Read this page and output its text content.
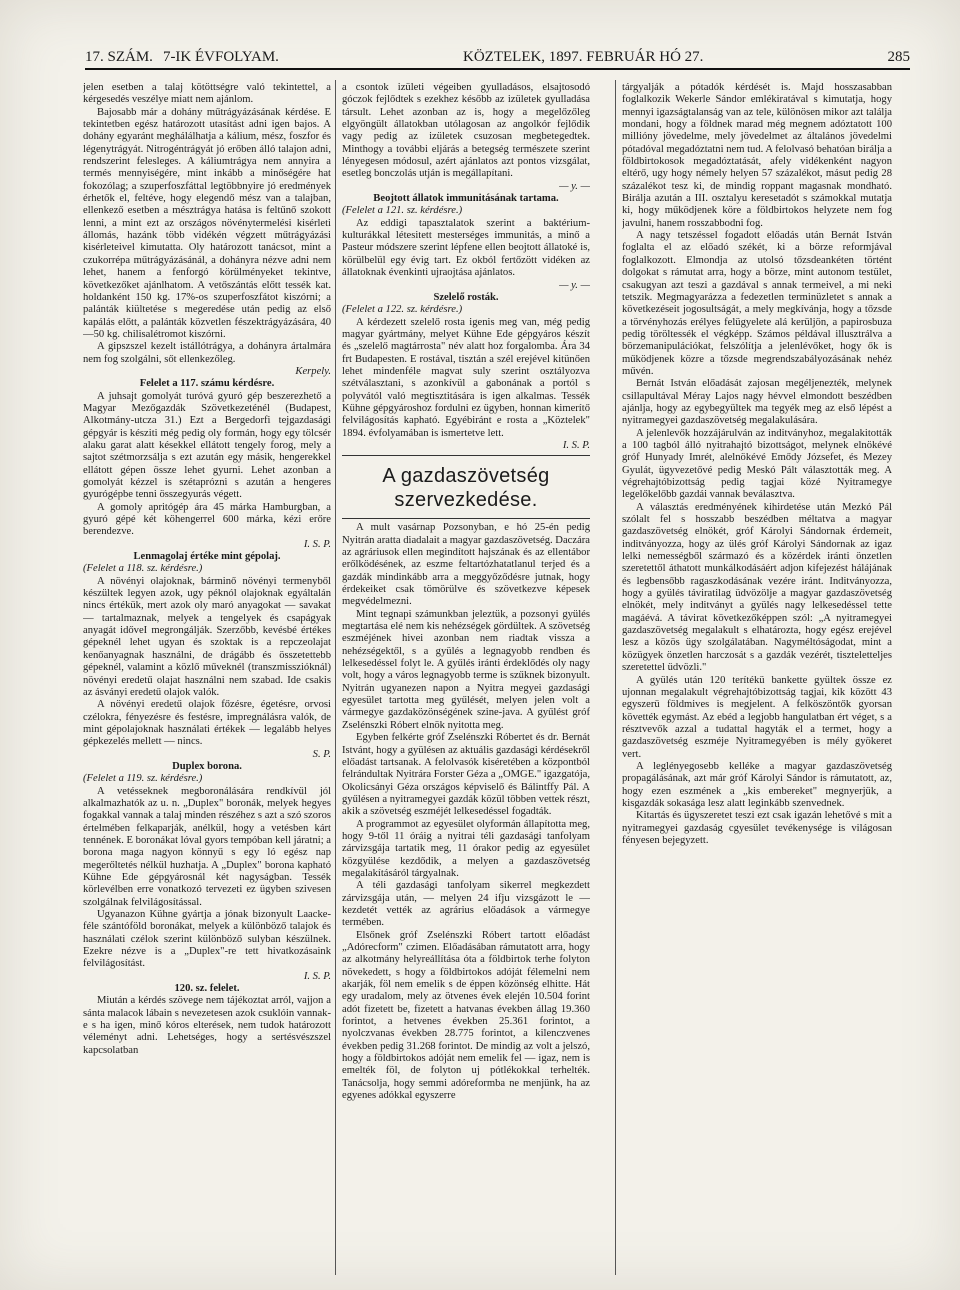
17. SZÁM. 7-IK ÉVFOLYAM.	KÖZTELEK, 1897. FEBRUÁR HÓ 27.	285

jelen esetben a talaj kötöttségre való tekintettel, a kérgesedés veszélye miatt nem ajánlom.

Bajosabb már a dohány műtrágyázásának kérdése. E tekintetben egész határozott utasítást adni igen bajos. A dohány egyaránt meghálálhatja a kálium, mész, foszfor és légenytrágyát. Nitrogéntrágyát jó erőben álló talajon adni, rendszerint felesleges. A káliumtrágya nem annyira a termés mennyiségére, mint inkább a minőségére hat fokozólag; a szuperfoszfáttal legtöbbnyire jó eredmények érhetők el, feltéve, hogy elegendő mész van a talajban, ellenkező esetben a mésztrágya hatása is feltűnő szokott lenni, a mint ezt az országos növénytermelési kisérleti állomás, hazánk több vidékén végzett műtrágyázási kisérleteivel kimutatta. Oly határozott tanácsot, mint a czukorrépa műtrágyázásánál, a dohányra nézve adni nem lehet, hanem a fenforgó körülményeket tekintve, következőket ajánlhatom. A vetőszántás előtt tessék kat. holdanként 150 kg. 17%-os szuperfoszfátot kiszórni; a palánták kiültetése s megeredése után pedig az első kapálás előtt, a palánták közvetlen fészektrágyázására, 40—50 kg. chilisalétromot kiszórni.

A gipszszel kezelt istállótrágya, a dohányra ártalmára nem fog szolgálni, sőt ellenkezőleg.

Kerpely.

Felelet a 117. számu kérdésre.

A juhsajt gomolyát turóvá gyuró gép beszerezhető a Magyar Mezőgazdák Szövetkezeténél (Budapest, Alkotmány-utcza 31.) Ezt a Bergedorfi tejgazdasági gépgyár is késziti még pedig oly formán, hogy egy tölcsér alaku garat alatt késekkel ellátott tengely forog, mely a sajtot szétmorzsálja s ezt azután egy másik, hengerekkel ellátott gépen össze lehet gyurni. Lehet azonban a gomolyát kézzel is szétaprózni s azután a hengeres gyurógépbe tenni összegyurás végett.

A gomoly apritógép ára 45 márka Hamburgban, a gyuró gépé két köhengerrel 600 márka, kézi erőre berendezve.

I. S. P.

Lenmagolaj értéke mint gépolaj.

(Felelet a 118. sz. kérdésre.)

A növényi olajoknak, bárminő növényi termenyből készültek legyen azok, ugy péknól olajoknak egyáltalán nincs értékük, mert azok oly maró anyagokat — savakat — tartalmaznak, melyek a tengelyek és csapágyak anyagát időveI megrongálják. Szerzőbb, kevésbé értékes gépeknél lehet ugyan és szoktak is a repczeolajat kenőanyagnak használni, de drágább és összetettebb gépeknél, valamint a közlő műveknél (transzmisszióknál) növényi eredetű olajat használni nem szabad. Ide csakis az ásványi eredetű olajok valók.

A növényi eredetű olajok főzésre, égetésre, orvosi czélokra, fényezésre és festésre, impregnálásra valók, de mint gépolajoknak használati értékek — legalább helyes gépkezelés mellett — nincs.

S. P.

Duplex borona.

(Felelet a 119. sz. kérdésre.)

A vetésseknek megboronálására rendkívül jól alkalmazhatók az u. n. „Duplex" boronák, melyek hegyes fogakkal vannak a talaj minden részéhez s azt a szó szoros értelmében felkaparják, anélkül, hogy a vetésben kárt tennének. E boronákat lóval gyors tempóban kell járatni; a borona maga nagyon könnyű s egy ló egész nap megerőltetés nélkül huzhatja. A „Duplex" borona kapható Kühne Ede gépgyárosnál két nagyságban. Tessék körlevélben erre vonatkozó tervezeti ez ügyben szivesen szolgálnak felvilágosítással.

Ugyanazon Kühne gyártja a jónak bizonyult Laacke-féle szántóföld boronákat, melyek a különböző talajok és használati czélok szerint különböző sulyban készülnek. Ezekre nézve is a „Duplex"-re tett hivatkozásaink felvilágosítást.

I. S. P.

120. sz. felelet.

Miután a kérdés szövege nem tájékoztat arról, vajjon a sánta malacok lábain s nevezetesen azok csuklóin vannak-e s ha igen, minő kóros elterések, nem tudok határozott véleményt adni. Lehetséges, hogy a sertésvészszel kapcsolatban

a csontok izületi végeiben gyulladásos, elsajtosodó góczok fejlődtek s ezekhez később az izületek gyulladása társult. Lehet azonban az is, hogy a megelőzőleg elgyöngült állatokban utólagosan az angolkór fejlődik vagy pedig az izületek csuzosan megbetegedtek. Minthogy a további eljárás a betegség természete szerint lényegesen módosul, azért ajánlatos azt pontos vizsgálat, esetleg bonczolás utján is megállapítani.

— y. —

Beojtott állatok immunitásának tartama.

(Felelet a 121. sz. kérdésre.)

Az eddigi tapasztalatok szerint a baktérium-kulturákkal létesitett mesterséges immunitás, a minő a Pasteur módszere szerint lépfene ellen beojtott állatoké is, körülbelül egy évig tart. Ez okból fertőzött vidéken az állatoknak évenkinti ujraojtása ajánlatos.

— y. —

Szelelő rosták.

(Felelet a 122. sz. kérdésre.)

A kérdezett szelelő rosta igenis meg van, még pedig magyar gyártmány, melyet Kühne Ede gépgyáros készít és „szelelő magtárrosta" név alatt hoz forgalomba. Ára 34 frt Budapesten. E rostával, tisztán a szél erejével kitünően lehet mindenféle magvat suly szerint osztályozva szétválasztani, s azonkívül a gabonának a portól s polyvától való megtisztitására is igen alkalmas. Tessék Kühne gépgyároshoz fordulni ez ügyben, honnan kimerítő felvilágosítás kapható. Egyébiránt e rosta a „Köztelek" 1894. évfolyamában is ismertetve lett.

I. S. P.

A gazdaszövetség szervezkedése.

A mult vasárnap Pozsonyban, e hó 25-én pedig Nyitrán aratta diadalait a magyar gazdaszövetség. Daczára az agráriusok ellen megindított hajszának és az ellentábor erőlködésének, az eszme feltartózhatatlanul terjed és a gazdák mindinkább arra a meggyőződésre jutnak, hogy érdekeiket csak tömörülve és szövetkezve képesek megvédelmezni.

Mint tegnapi számunkban jeleztük, a pozsonyi gyülés megtartása elé nem kis nehézségek gördültek. A szövetség eszméjének hivei azonban nem riadtak vissza a nehézségektől, s a gyülés a legnagyobb rendben és lelkesedéssel folyt le. A gyűlés iránti érdeklődés oly nagy volt, hogy a város legnagyobb terme is szűknek bizonyult. Nyitrán ugyanezen napon a Nyitra megyei gazdasági egyesület tartotta meg gyűlését, melyen jelen volt a vármegye gazdaközönségének szine-java. A gyűlést gróf Zselénszki Róbert elnök nyitotta meg.

Egyben felkérte gróf Zselénszki Róbertet és dr. Bernát Istvánt, hogy a gyülésen az aktuális gazdasági kérdésekről előadást tartsanak. A felolvasók kiséretében a központból felrándultak Nyitrára Forster Géza a „OMGE." igazgatója, Okolicsányi Géza országos képviselő és Bálintffy Pál. A gyűlésen a nyitramegyei gazdák közül többen vettek részt, akik a szövetség eszméjét lelkesedéssel fogadták.

A programmot az egyesület olyformán állapította meg, hogy 9-től 11 óráig a nyitrai téli gazdasági tanfolyam zárvizsgája tartatik meg, 11 órakor pedig az egyesület közgyülése kezdődik, a melyen a gazdaszövetség megalakításáról tárgyalnak.

A téli gazdasági tanfolyam sikerrel megkezdett zárvizsgája után, — melyen 24 ifju vizsgázott le — kezdetét vették az agrárius előadások a vármegye termében.

Elsőnek gróf Zselénszki Róbert tartott előadást „Adórecform" czimen. Előadásában rámutatott arra, hogy az alkotmány helyreállítása óta a földbirtok terhe folyton növekedett, s hogy a földbirtokos adóját félemelni nem akarják, föl nem emelik s de éppen közönség elhitte. Hát egy uradalom, mely az ötvenes évek elején 10.504 forint adót fizetett be, fizetett a hatvanas években állag 19.360 forintot, a hetvenes években 25.361 forintot, a nyolczvanas években 28.775 forintot, a kilenczvenes években pedig 31.268 forintot. De mindig az volt a jelszó, hogy a földbirtokos adóját nem emelik fel — igaz, nem is emelték föl, de folyton uj pótlékokkal terhelték. Tanácsolja, hogy semmi adóreformba ne menjünk, ha az egyenes adókkal egyszerre

tárgyalják a pótadók kérdését is. Majd hosszasabban foglalkozik Wekerle Sándor emlékiratával s kimutatja, hogy mennyi igazságtalanság van az tele, különösen mikor azt találja mondani, hogy a földnek marad még megnem adóztatott 100 millióny jövedelme, mely jövedelmet az általános jövedelmi pótadóval megadóztatni nem tud. A felolvasó behatóan birálja a földbirtokosok megadóztatását, afely vidékenként nagyon eltérő, ugy hogy némely helyen 57 százalékot, másut pedig 28 százalékot tesz ki, de mindig roppant magasnak mondható. Birálja azután a III. osztalyu keresetadót s számokkal mutatja ki, hogy működjenek köre a földbirtokos helyzete nem fog javulni, hanem rosszabbodni fog.

A nagy tetszéssel fogadott előadás után Bernát István foglalta el az előadó székét, ki a börze reformjával foglalkozott. Elmondja az utolsó tőzsdeankéten történt dolgokat s rámutat arra, hogy a börze, mint autonom testület, csakugyan azt teszi a gazdával s annak termeivel, a mi neki tetszik. Megmagyarázza a fedezetlen terminüzletet s annak a következéseit jogosultságát, a mely megkívánja, hogy a tőzsde a törvényhozás erélyes felügyelete alá kerüljön, a papirosbuza pedig töröltessék el végképp. Számos példával illusztrálva a börzemanipulációkat, felszólítja a jelenlévőket, hogy ők is működjenek közre a tőzsde megrendszabályozásának nehéz művén.

Bernát István előadását zajosan megéljenezték, melynek csillapultával Méray Lajos nagy hévvel elmondott beszédben ajánlja, hogy az egybegyültek ma tegyék meg az első lépést a nyitramegyei gazdaszövetség megalakulására.

A jelenlevők hozzájárulván az inditványhoz, megalakitották a 100 tagból álló nyitrahajtó bizottságot, melynek elnökévé gróf Hunyady Imrét, alelnökévé Emődy Józsefet, és Mezey Gyulát, ügyvezetővé pedig Meskó Pált választották meg. A végrehajtóbizottság pedig tagjai közé Nyitramegye legelőkelőbb gazdái vannak beválasztva.

A választás eredményének kihirdetése után Mezkó Pál szólalt fel s hosszabb beszédben méltatva a magyar gazdaszövetség elnökét, gróf Károlyi Sándornak érdemeit, inditványozza, hogy az ülés gróf Károlyi Sándornak az igaz lelki nemességből származó és a közérdek iránti önzetlen szeretettől áthatott munkálkodásáért adjon kifejezést hálájának és legbensőbb ragaszkodásának vezére iránt. Inditványozza, hogy a gyülés táviratilag üdvözölje a magyar gazdaszövetség elnökét, mely inditványt a gyülés nagy lelkesedéssel tette magáévá. A távirat következőképpen szól: „A nyitramegyei gazdaszövetség megalakult s elhatározta, hogy egész erejével lesz a közös ügy szolgálatában. Nagyméltóságodat, mint a közügyek önzetlen harczosát s a gazdák vezérét, tiszteletteljes szeretettel üdvözli."

A gyülés után 120 terítékü bankette gyültek össze ez ujonnan megalakult végrehajtóbizottság tagjai, kik között 43 egyszerü földmives is megjelent. A felköszöntők gyorsan követték egymást. Az ebéd a legjobb hangulatban ért véget, s a résztvevők azzal a tudattal hagyták el a termet, hogy a gazdaszövetség eszméje Nyitramegyében is mély gyökeret vert.

A leglényegosebb kelléke a magyar gazdaszövetség propagálásának, azt már gróf Károlyi Sándor is rámutatott, az, hogy ezen eszmének a „kis embereket" megnyerjük, a kisgazdák sokasága lesz alatt leginkább szenvednek.

Kitartás és ügyszeretet teszi ezt csak igazán lehetővé s mit a nyitramegyei gazdaság cgyesület tevékenysége is világosan fényesen bejegyzett.
